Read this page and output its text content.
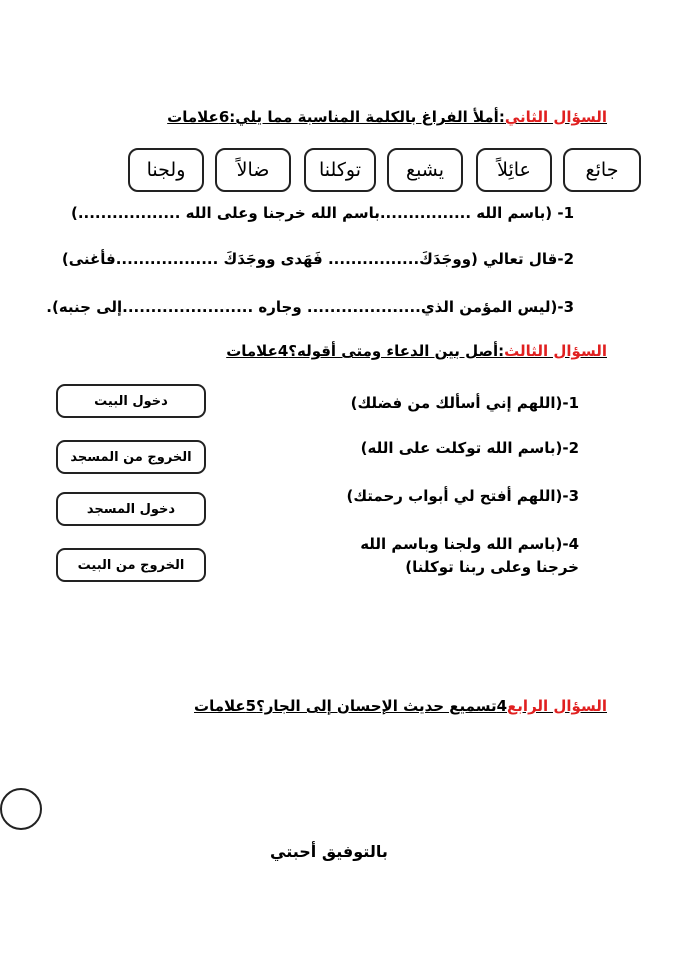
السؤال الثاني:أملأ الفراغ بالكلمة المناسبة مما يلي:6علامات
جائع
عائِلاً
يشبع
توكلنا
ضالاً
ولجنا
1- (باسم الله ................باسم الله خرجنا وعلى الله ..................)
2-قال تعالي (ووجَدَكَ................ فَهَدى ووجَدَكَ ..................فأغنى)
3-(ليس المؤمن الذي.................... وجاره .......................إلى جنبه).
السؤال الثالث:أصل بين الدعاء ومتى أقوله؟4علامات
1-(اللهم إني أسألك من فضلك)
2-(باسم الله توكلت على الله)
3-(اللهم أفتح لي أبواب رحمتك)
4-(باسم الله ولجنا وباسم الله خرجنا وعلى ربنا توكلنا)
دخول البيت
الخروج من المسجد
دخول المسجد
الخروج من البيت
السؤال الرابع4تسميع حديث الإحسان إلى الجار؟5علامات
بالتوفيق أحبتي
